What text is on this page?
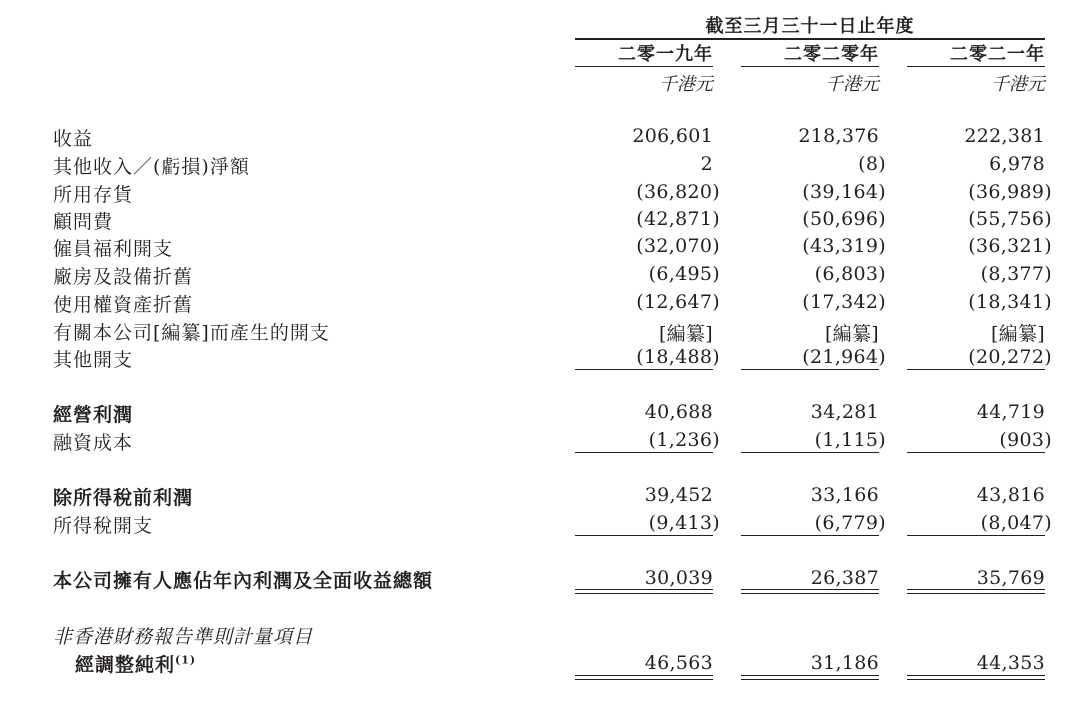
截至三月三十一日止年度
二零一九年	二零二零年	二零二一年
千港元	千港元	千港元
收益	206,601	218,376	222,381
其他收入／(虧損)淨額	2	(8)	6,978
所用存貨	(36,820)	(39,164)	(36,989)
顧問費	(42,871)	(50,696)	(55,756)
僱員福利開支	(32,070)	(43,319)	(36,321)
廠房及設備折舊	(6,495)	(6,803)	(8,377)
使用權資產折舊	(12,647)	(17,342)	(18,341)
有關本公司[編纂]而產生的開支	[編纂]	[編纂]	[編纂]
其他開支	(18,488)	(21,964)	(20,272)
經營利潤	40,688	34,281	44,719
融資成本	(1,236)	(1,115)	(903)
除所得稅前利潤	39,452	33,166	43,816
所得稅開支	(9,413)	(6,779)	(8,047)
本公司擁有人應佔年內利潤及全面收益總額	30,039	26,387	35,769
非香港財務報告準則計量項目
經調整純利$^{(1)}$	46,563	31,186	44,353
